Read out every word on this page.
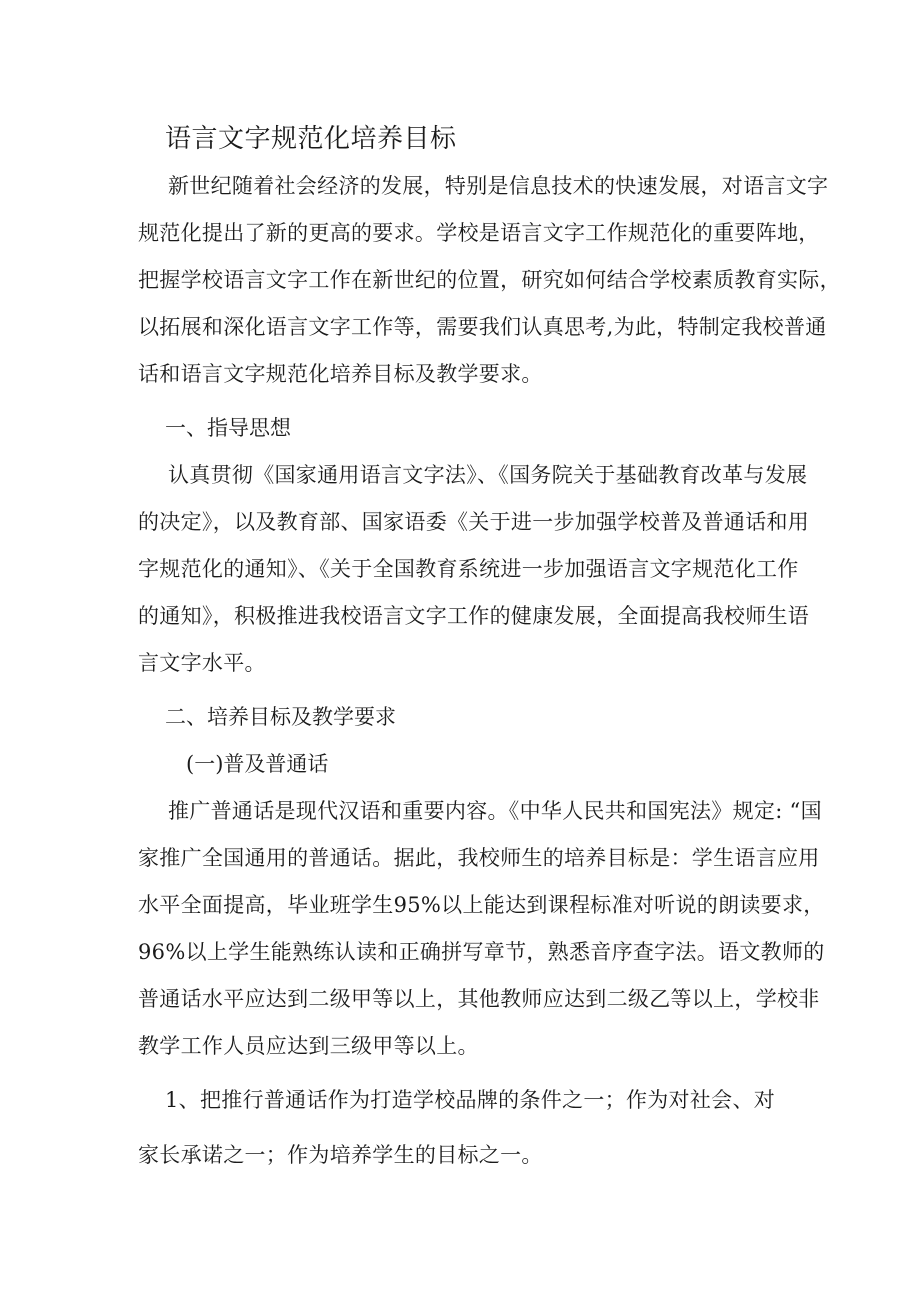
语言文字规范化培养目标
新世纪随着社会经济的发展，特别是信息技术的快速发展，对语言文字
规范化提出了新的更高的要求。学校是语言文字工作规范化的重要阵地，
把握学校语言文字工作在新世纪的位置，研究如何结合学校素质教育实际，
以拓展和深化语言文字工作等，需要我们认真思考,为此，特制定我校普通
话和语言文字规范化培养目标及教学要求。
一、指导思想
认真贯彻《国家通用语言文字法》、《国务院关于基础教育改革与发展
的决定》，以及教育部、国家语委《关于进一步加强学校普及普通话和用
字规范化的通知》、《关于全国教育系统进一步加强语言文字规范化工作
的通知》，积极推进我校语言文字工作的健康发展，全面提高我校师生语
言文字水平。
二、培养目标及教学要求
(一)普及普通话
推广普通话是现代汉语和重要内容。《中华人民共和国宪法》规定: “国
家推广全国通用的普通话。据此，我校师生的培养目标是：学生语言应用
水平全面提高，毕业班学生95%以上能达到课程标准对听说的朗读要求，
96%以上学生能熟练认读和正确拼写章节，熟悉音序查字法。语文教师的
普通话水平应达到二级甲等以上，其他教师应达到二级乙等以上，学校非
教学工作人员应达到三级甲等以上。
1、把推行普通话作为打造学校品牌的条件之一；作为对社会、对
家长承诺之一；作为培养学生的目标之一。
